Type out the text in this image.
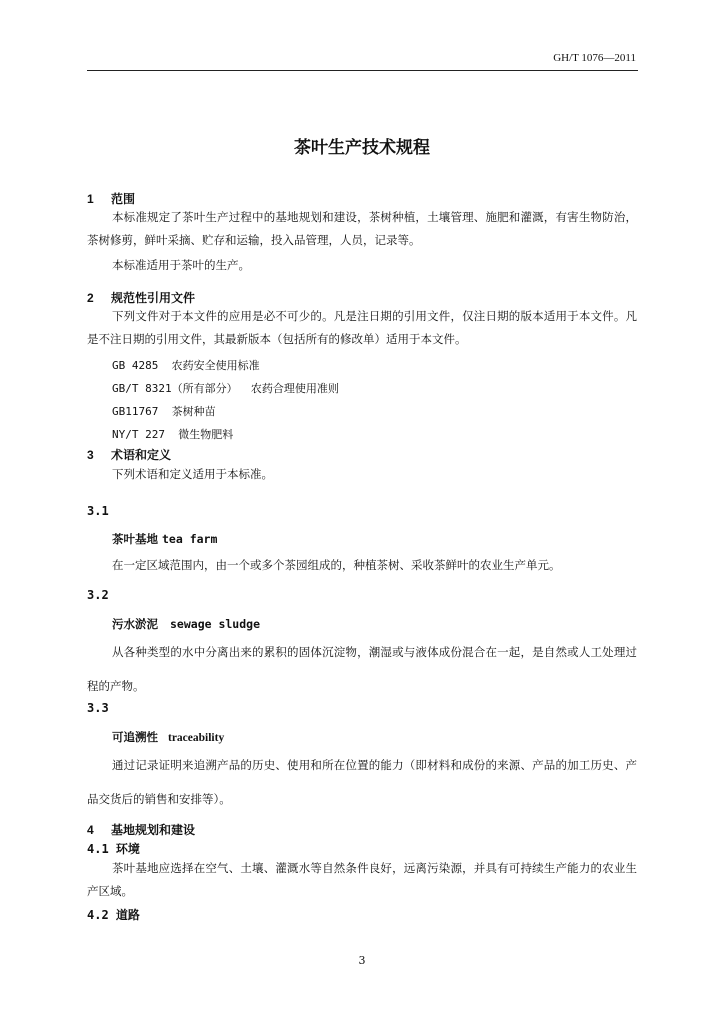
GH/T 1076—2011
茶叶生产技术规程
1 范围
本标准规定了茶叶生产过程中的基地规划和建设，茶树种植，土壤管理、施肥和灌溉，有害生物防治，茶树修剪，鲜叶采摘、贮存和运输，投入品管理，人员，记录等。
本标准适用于茶叶的生产。
2 规范性引用文件
下列文件对于本文件的应用是必不可少的。凡是注日期的引用文件，仅注日期的版本适用于本文件。凡是不注日期的引用文件，其最新版本（包括所有的修改单）适用于本文件。
GB 4285 农药安全使用标准
GB/T 8321（所有部分） 农药合理使用准则
GB11767 茶树种苗
NY/T 227 微生物肥料
3 术语和定义
下列术语和定义适用于本标准。
3.1
茶叶基地 tea farm
在一定区域范围内，由一个或多个茶园组成的，种植茶树、采收茶鲜叶的农业生产单元。
3.2
污水淤泥 sewage sludge
从各种类型的水中分离出来的累积的固体沉淀物，潮湿或与液体成份混合在一起，是自然或人工处理过程的产物。
3.3
可追溯性 traceability
通过记录证明来追溯产品的历史、使用和所在位置的能力（即材料和成份的来源、产品的加工历史、产品交货后的销售和安排等）。
4 基地规划和建设
4.1 环境
茶叶基地应选择在空气、土壤、灌溉水等自然条件良好，远离污染源，并具有可持续生产能力的农业生产区域。
4.2 道路
3
